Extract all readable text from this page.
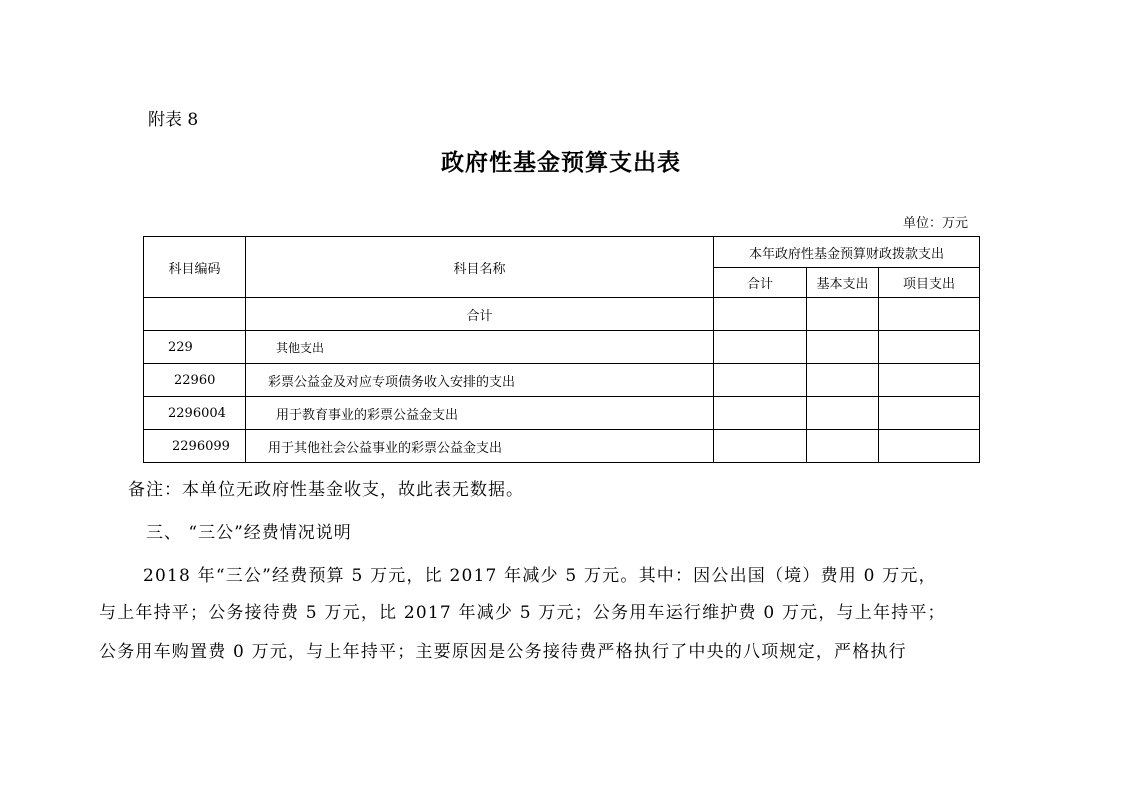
附表 8
政府性基金预算支出表
单位：万元
科目编码	科目名称	本年政府性基金预算财政拨款支出		
		合计	基本支出	项目支出
	合计			
229	其他支出			
22960	彩票公益金及对应专项债务收入安排的支出			
2296004	用于教育事业的彩票公益金支出			
2296099	用于其他社会公益事业的彩票公益金支出			
备注：本单位无政府性基金收支，故此表无数据。
三、 “三公”经费情况说明
2018 年“三公”经费预算 5 万元，比 2017 年减少 5 万元。其中：因公出国（境）费用 0 万元，
与上年持平；公务接待费 5 万元，比 2017 年减少 5 万元；公务用车运行维护费 0 万元，与上年持平；
公务用车购置费 0 万元，与上年持平；主要原因是公务接待费严格执行了中央的八项规定，严格执行
